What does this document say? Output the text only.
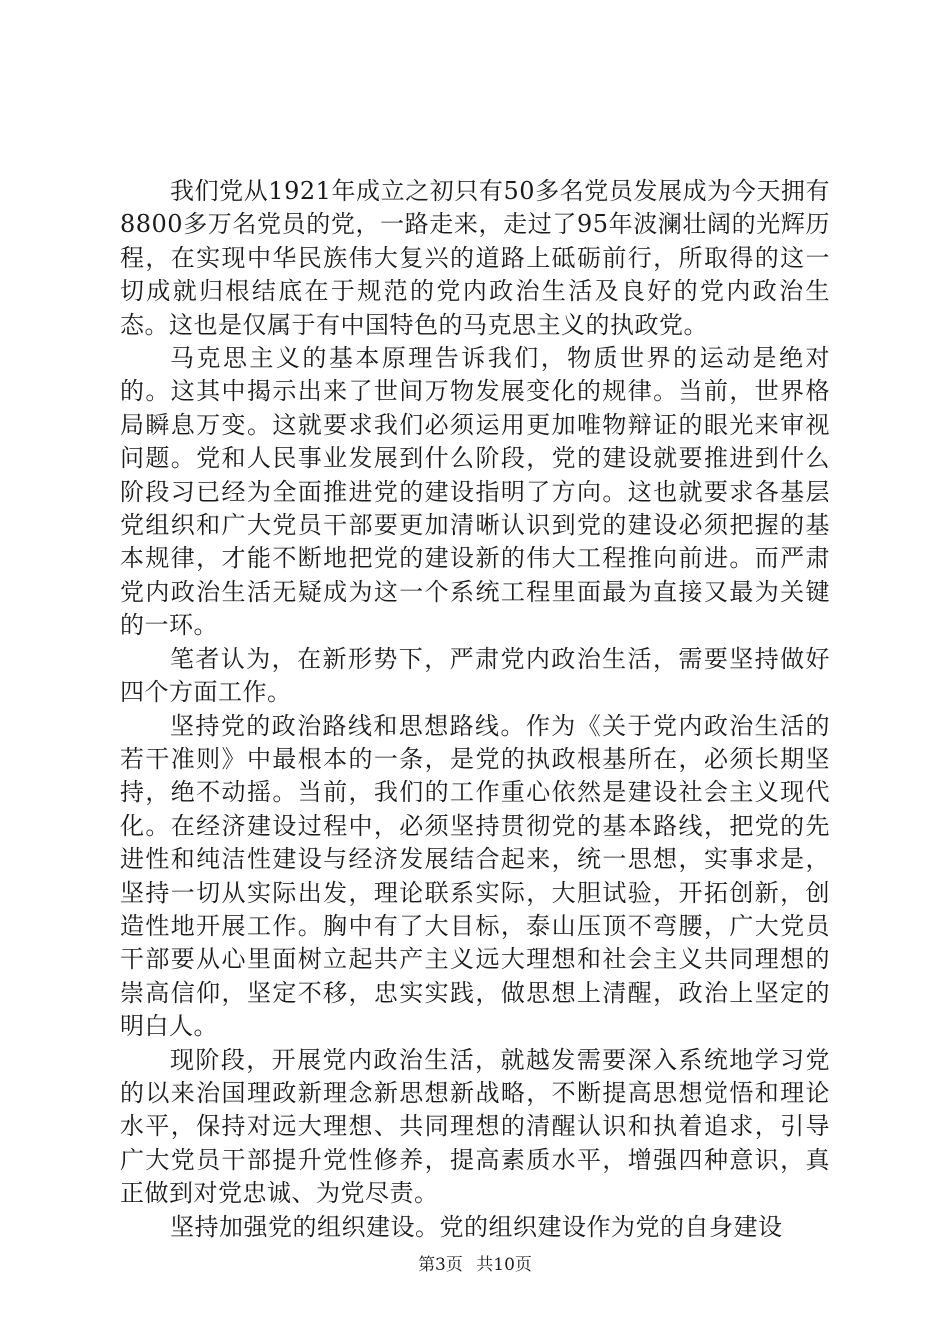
我们党从1921年成立之初只有50多名党员发展成为今天拥有8800多万名党员的党，一路走来，走过了95年波澜壮阔的光辉历程，在实现中华民族伟大复兴的道路上砥砺前行，所取得的这一切成就归根结底在于规范的党内政治生活及良好的党内政治生态。这也是仅属于有中国特色的马克思主义的执政党。

马克思主义的基本原理告诉我们，物质世界的运动是绝对的。这其中揭示出来了世间万物发展变化的规律。当前，世界格局瞬息万变。这就要求我们必须运用更加唯物辩证的眼光来审视问题。党和人民事业发展到什么阶段，党的建设就要推进到什么阶段习已经为全面推进党的建设指明了方向。这也就要求各基层党组织和广大党员干部要更加清晰认识到党的建设必须把握的基本规律，才能不断地把党的建设新的伟大工程推向前进。而严肃党内政治生活无疑成为这一个系统工程里面最为直接又最为关键的一环。

笔者认为，在新形势下，严肃党内政治生活，需要坚持做好四个方面工作。

坚持党的政治路线和思想路线。作为《关于党内政治生活的若干准则》中最根本的一条，是党的执政根基所在，必须长期坚持，绝不动摇。当前，我们的工作重心依然是建设社会主义现代化。在经济建设过程中，必须坚持贯彻党的基本路线，把党的先进性和纯洁性建设与经济发展结合起来，统一思想，实事求是，坚持一切从实际出发，理论联系实际，大胆试验，开拓创新，创造性地开展工作。胸中有了大目标，泰山压顶不弯腰，广大党员干部要从心里面树立起共产主义远大理想和社会主义共同理想的崇高信仰，坚定不移，忠实实践，做思想上清醒，政治上坚定的明白人。

现阶段，开展党内政治生活，就越发需要深入系统地学习党的以来治国理政新理念新思想新战略，不断提高思想觉悟和理论水平，保持对远大理想、共同理想的清醒认识和执着追求，引导广大党员干部提升党性修养，提高素质水平，增强四种意识，真正做到对党忠诚、为党尽责。

坚持加强党的组织建设。党的组织建设作为党的自身建设

第3页 共10页
